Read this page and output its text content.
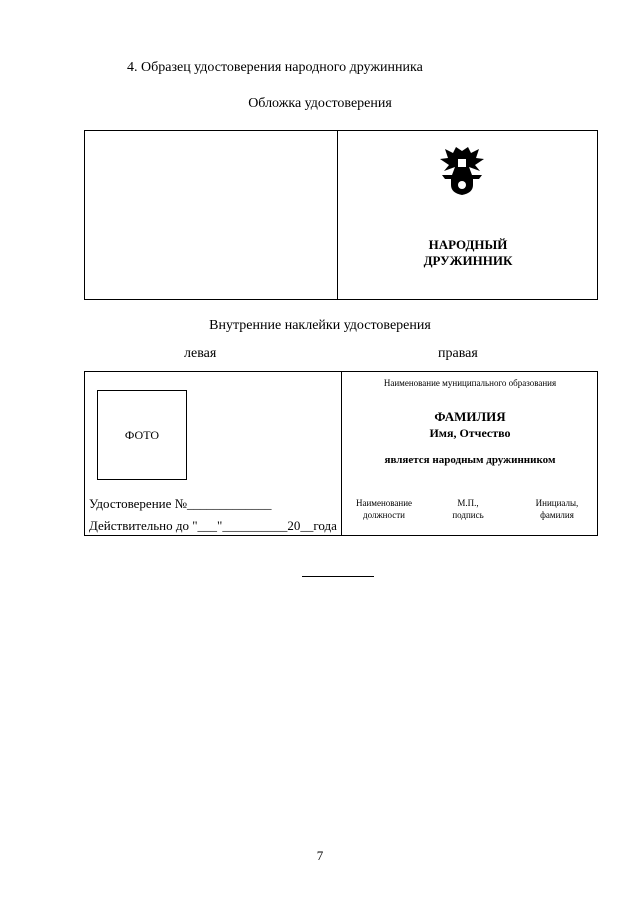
4. Образец удостоверения народного дружинника
Обложка удостоверения
НАРОДНЫЙ
ДРУЖИННИК
Внутренние наклейки удостоверения
левая	правая
ФОТО
Удостоверение №_____________
Действительно до "___"__________20__года
Наименование муниципального образования
ФАМИЛИЯ
Имя, Отчество
является народным дружинником
Наименование
должности
М.П.,
подпись
Инициалы,
фамилия
7
